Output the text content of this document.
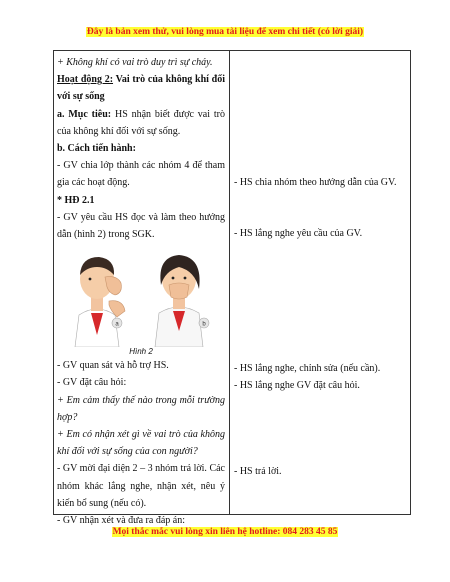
Đây là bản xem thử, vui lòng mua tài liệu để xem chi tiết (có lời giải)

+ Không khí có vai trò duy trì sự cháy.

Hoạt động 2: Vai trò của không khí đối với sự sống

a. Mục tiêu: HS nhận biết được vai trò của không khí đối với sự sống.

b. Cách tiến hành:

- GV chia lớp thành các nhóm 4 để tham gia các hoạt động.

* HĐ 2.1

- GV yêu cầu HS đọc và làm theo hướng dẫn (hình 2) trong SGK.

a	b

Hình 2

- GV quan sát và hỗ trợ HS.

- GV đặt câu hỏi:

+ Em cảm thấy thế nào trong mỗi trường hợp?

+ Em có nhận xét gì về vai trò của không khí đối với sự sống của con người?

- GV mời đại diện 2 – 3 nhóm trả lời. Các nhóm khác lắng nghe, nhận xét, nêu ý kiến bổ sung (nếu có).

- GV nhận xét và đưa ra đáp án:

- HS chia nhóm theo hướng dẫn của GV.
- HS lắng nghe yêu cầu của GV.
- HS lắng nghe, chỉnh sửa (nếu cần).
- HS lắng nghe GV đặt câu hỏi.
- HS trả lời.
Mọi thắc mắc vui lòng xin liên hệ hotline: 084 283 45 85
